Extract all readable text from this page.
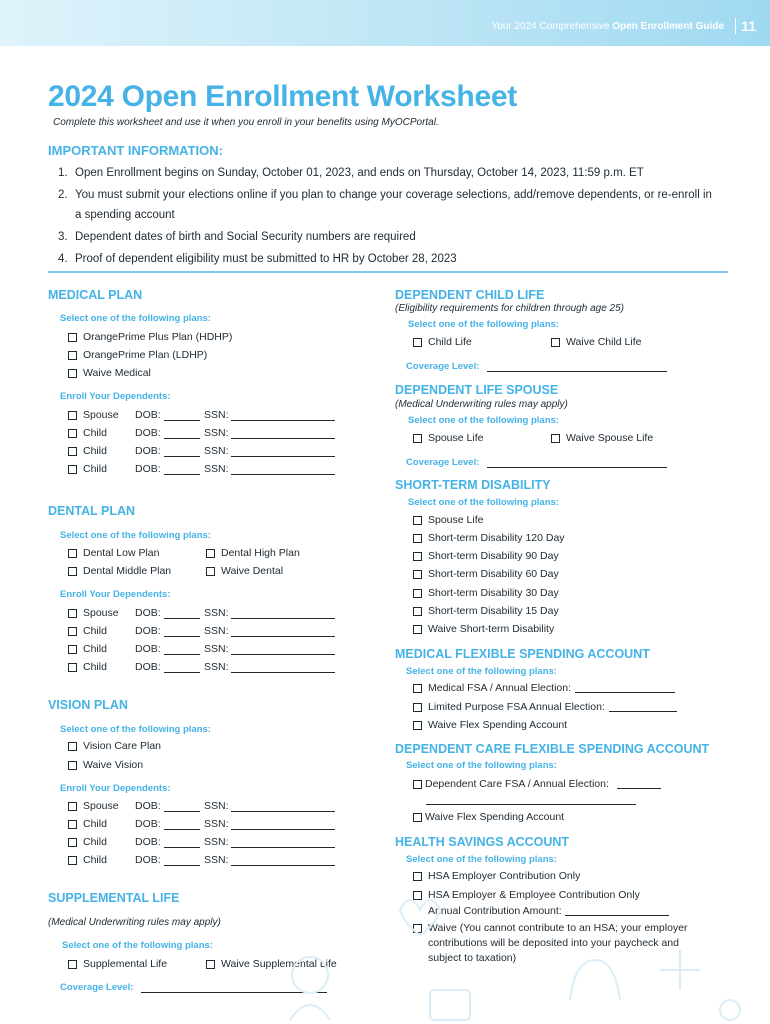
Your 2024 Comprehensive Open Enrollment Guide 11
2024 Open Enrollment Worksheet
Complete this worksheet and use it when you enroll in your benefits using MyOCPortal.
IMPORTANT INFORMATION:
1. Open Enrollment begins on Sunday, October 01, 2023, and ends on Thursday, October 14, 2023, 11:59 p.m. ET
2. You must submit your elections online if you plan to change your coverage selections, add/remove dependents, or re-enroll in a spending account
3. Dependent dates of birth and Social Security numbers are required
4. Proof of dependent eligibility must be submitted to HR by October 28, 2023
MEDICAL PLAN
Select one of the following plans:
OrangePrime Plus Plan (HDHP)
OrangePrime Plan (LDHP)
Waive Medical
Enroll Your Dependents:
Spouse DOB:	SSN:
Child	DOB:	SSN:
Child	DOB:	SSN:
Child	DOB:	SSN:
DENTAL PLAN
Select one of the following plans:
Dental Low Plan	Dental High Plan
Dental Middle Plan	Waive Dental
Enroll Your Dependents:
Spouse DOB:	SSN:
Child	DOB:	SSN:
Child	DOB:	SSN:
Child	DOB:	SSN:
VISION PLAN
Select one of the following plans:
Vision Care Plan
Waive Vision
Enroll Your Dependents:
Spouse DOB:	SSN:
Child	DOB:	SSN:
Child	DOB:	SSN:
Child	DOB:	SSN:
SUPPLEMENTAL LIFE
(Medical Underwriting rules may apply)
Select one of the following plans:
Supplemental Life	Waive Supplemental Life
Coverage Level:
DEPENDENT CHILD LIFE
(Eligibility requirements for children through age 25)
Select one of the following plans:
Child Life	Waive Child Life
Coverage Level:
DEPENDENT LIFE SPOUSE
(Medical Underwriting rules may apply)
Select one of the following plans:
Spouse Life	Waive Spouse Life
Coverage Level:
SHORT-TERM DISABILITY
Select one of the following plans:
Spouse Life
Short-term Disability 120 Day
Short-term Disability 90 Day
Short-term Disability 60 Day
Short-term Disability 30 Day
Short-term Disability 15 Day
Waive Short-term Disability
MEDICAL FLEXIBLE SPENDING ACCOUNT
Select one of the following plans:
Medical FSA / Annual Election:
Limited Purpose FSA Annual Election:
Waive Flex Spending Account
DEPENDENT CARE FLEXIBLE SPENDING ACCOUNT
Select one of the following plans:
Dependent Care FSA / Annual Election:
Waive Flex Spending Account
HEALTH SAVINGS ACCOUNT
Select one of the following plans:
HSA Employer Contribution Only
HSA Employer & Employee Contribution Only
Annual Contribution Amount:
Waive (You cannot contribute to an HSA; your employer
contributions will be deposited into your paycheck and
subject to taxation)
